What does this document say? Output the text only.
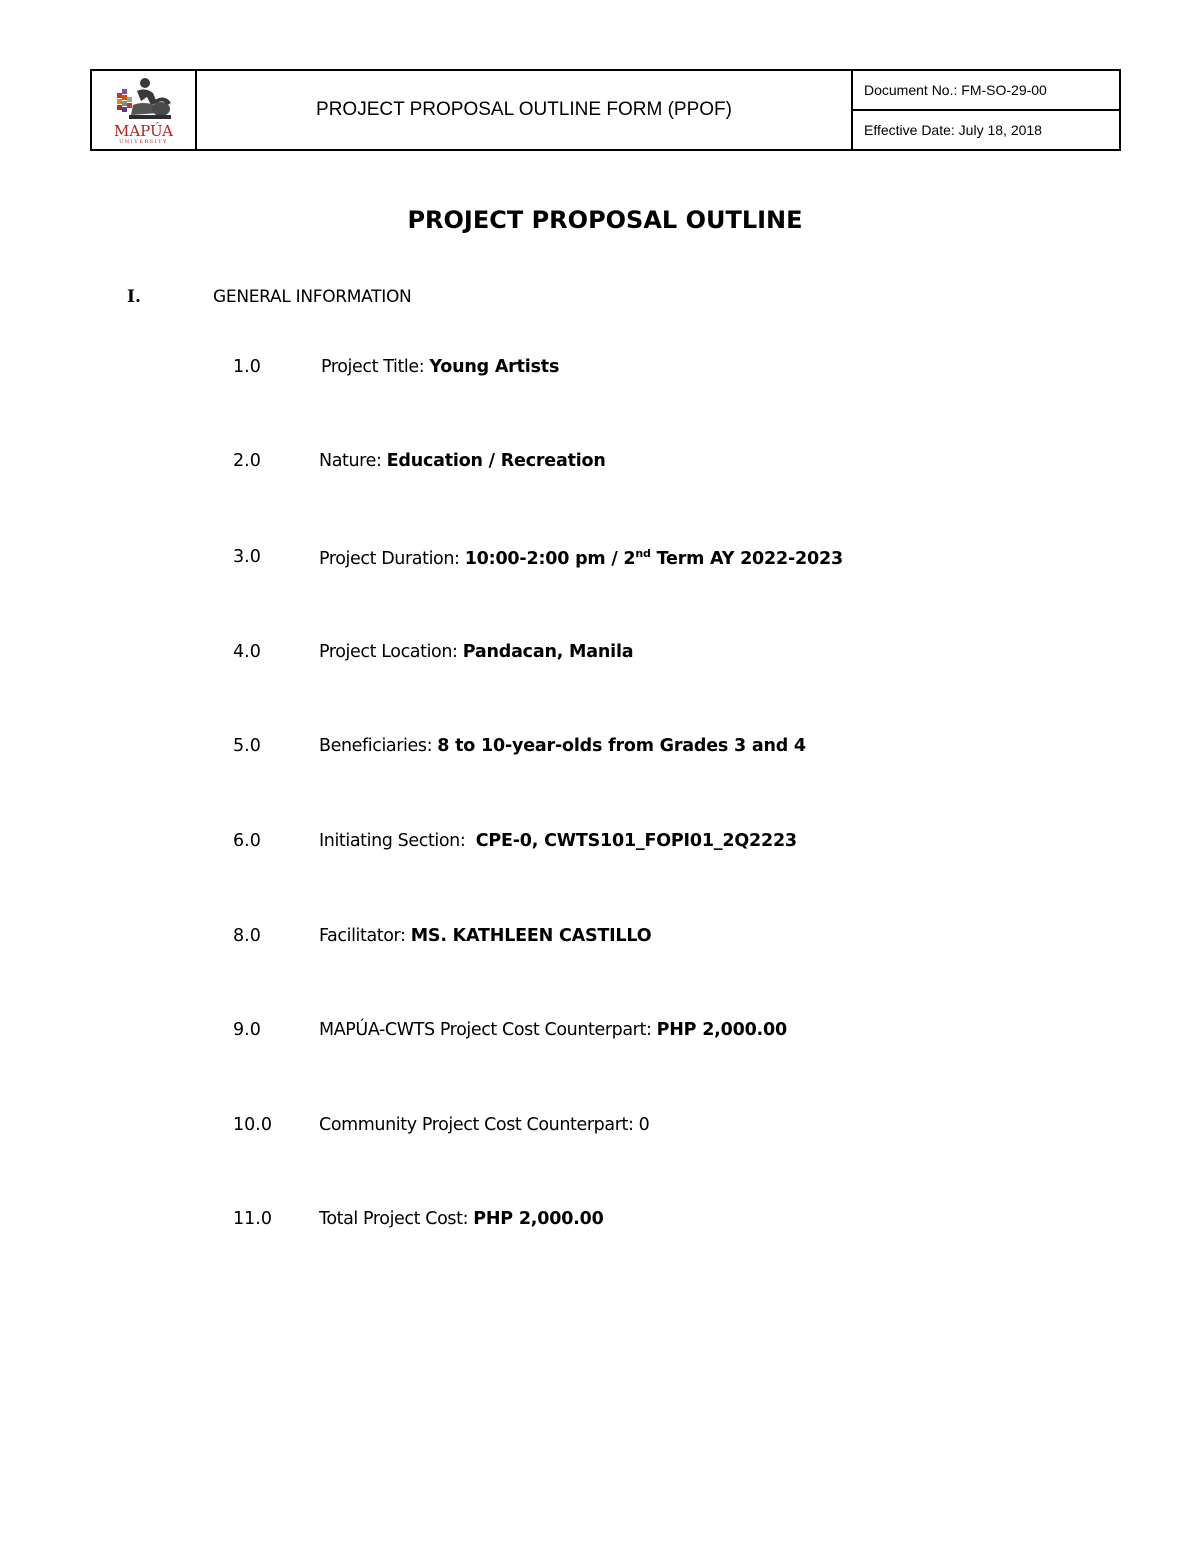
MAPÚA
UNIVERSITY
PROJECT PROPOSAL OUTLINE FORM (PPOF)
Document No.: FM-SO-29-00
Effective Date: July 18, 2018
PROJECT PROPOSAL OUTLINE
I.	GENERAL INFORMATION
1.0	Project Title: Young Artists
2.0	Nature: Education / Recreation
3.0	Project Duration: 10:00-2:00 pm / 2nd Term AY 2022-2023
4.0	Project Location: Pandacan, Manila
5.0	Beneficiaries: 8 to 10-year-olds from Grades 3 and 4
6.0	Initiating Section:  CPE-0, CWTS101_FOPI01_2Q2223
8.0	Facilitator: MS. KATHLEEN CASTILLO
9.0	MAPÚA-CWTS Project Cost Counterpart: PHP 2,000.00
10.0	Community Project Cost Counterpart: 0
11.0	Total Project Cost: PHP 2,000.00
